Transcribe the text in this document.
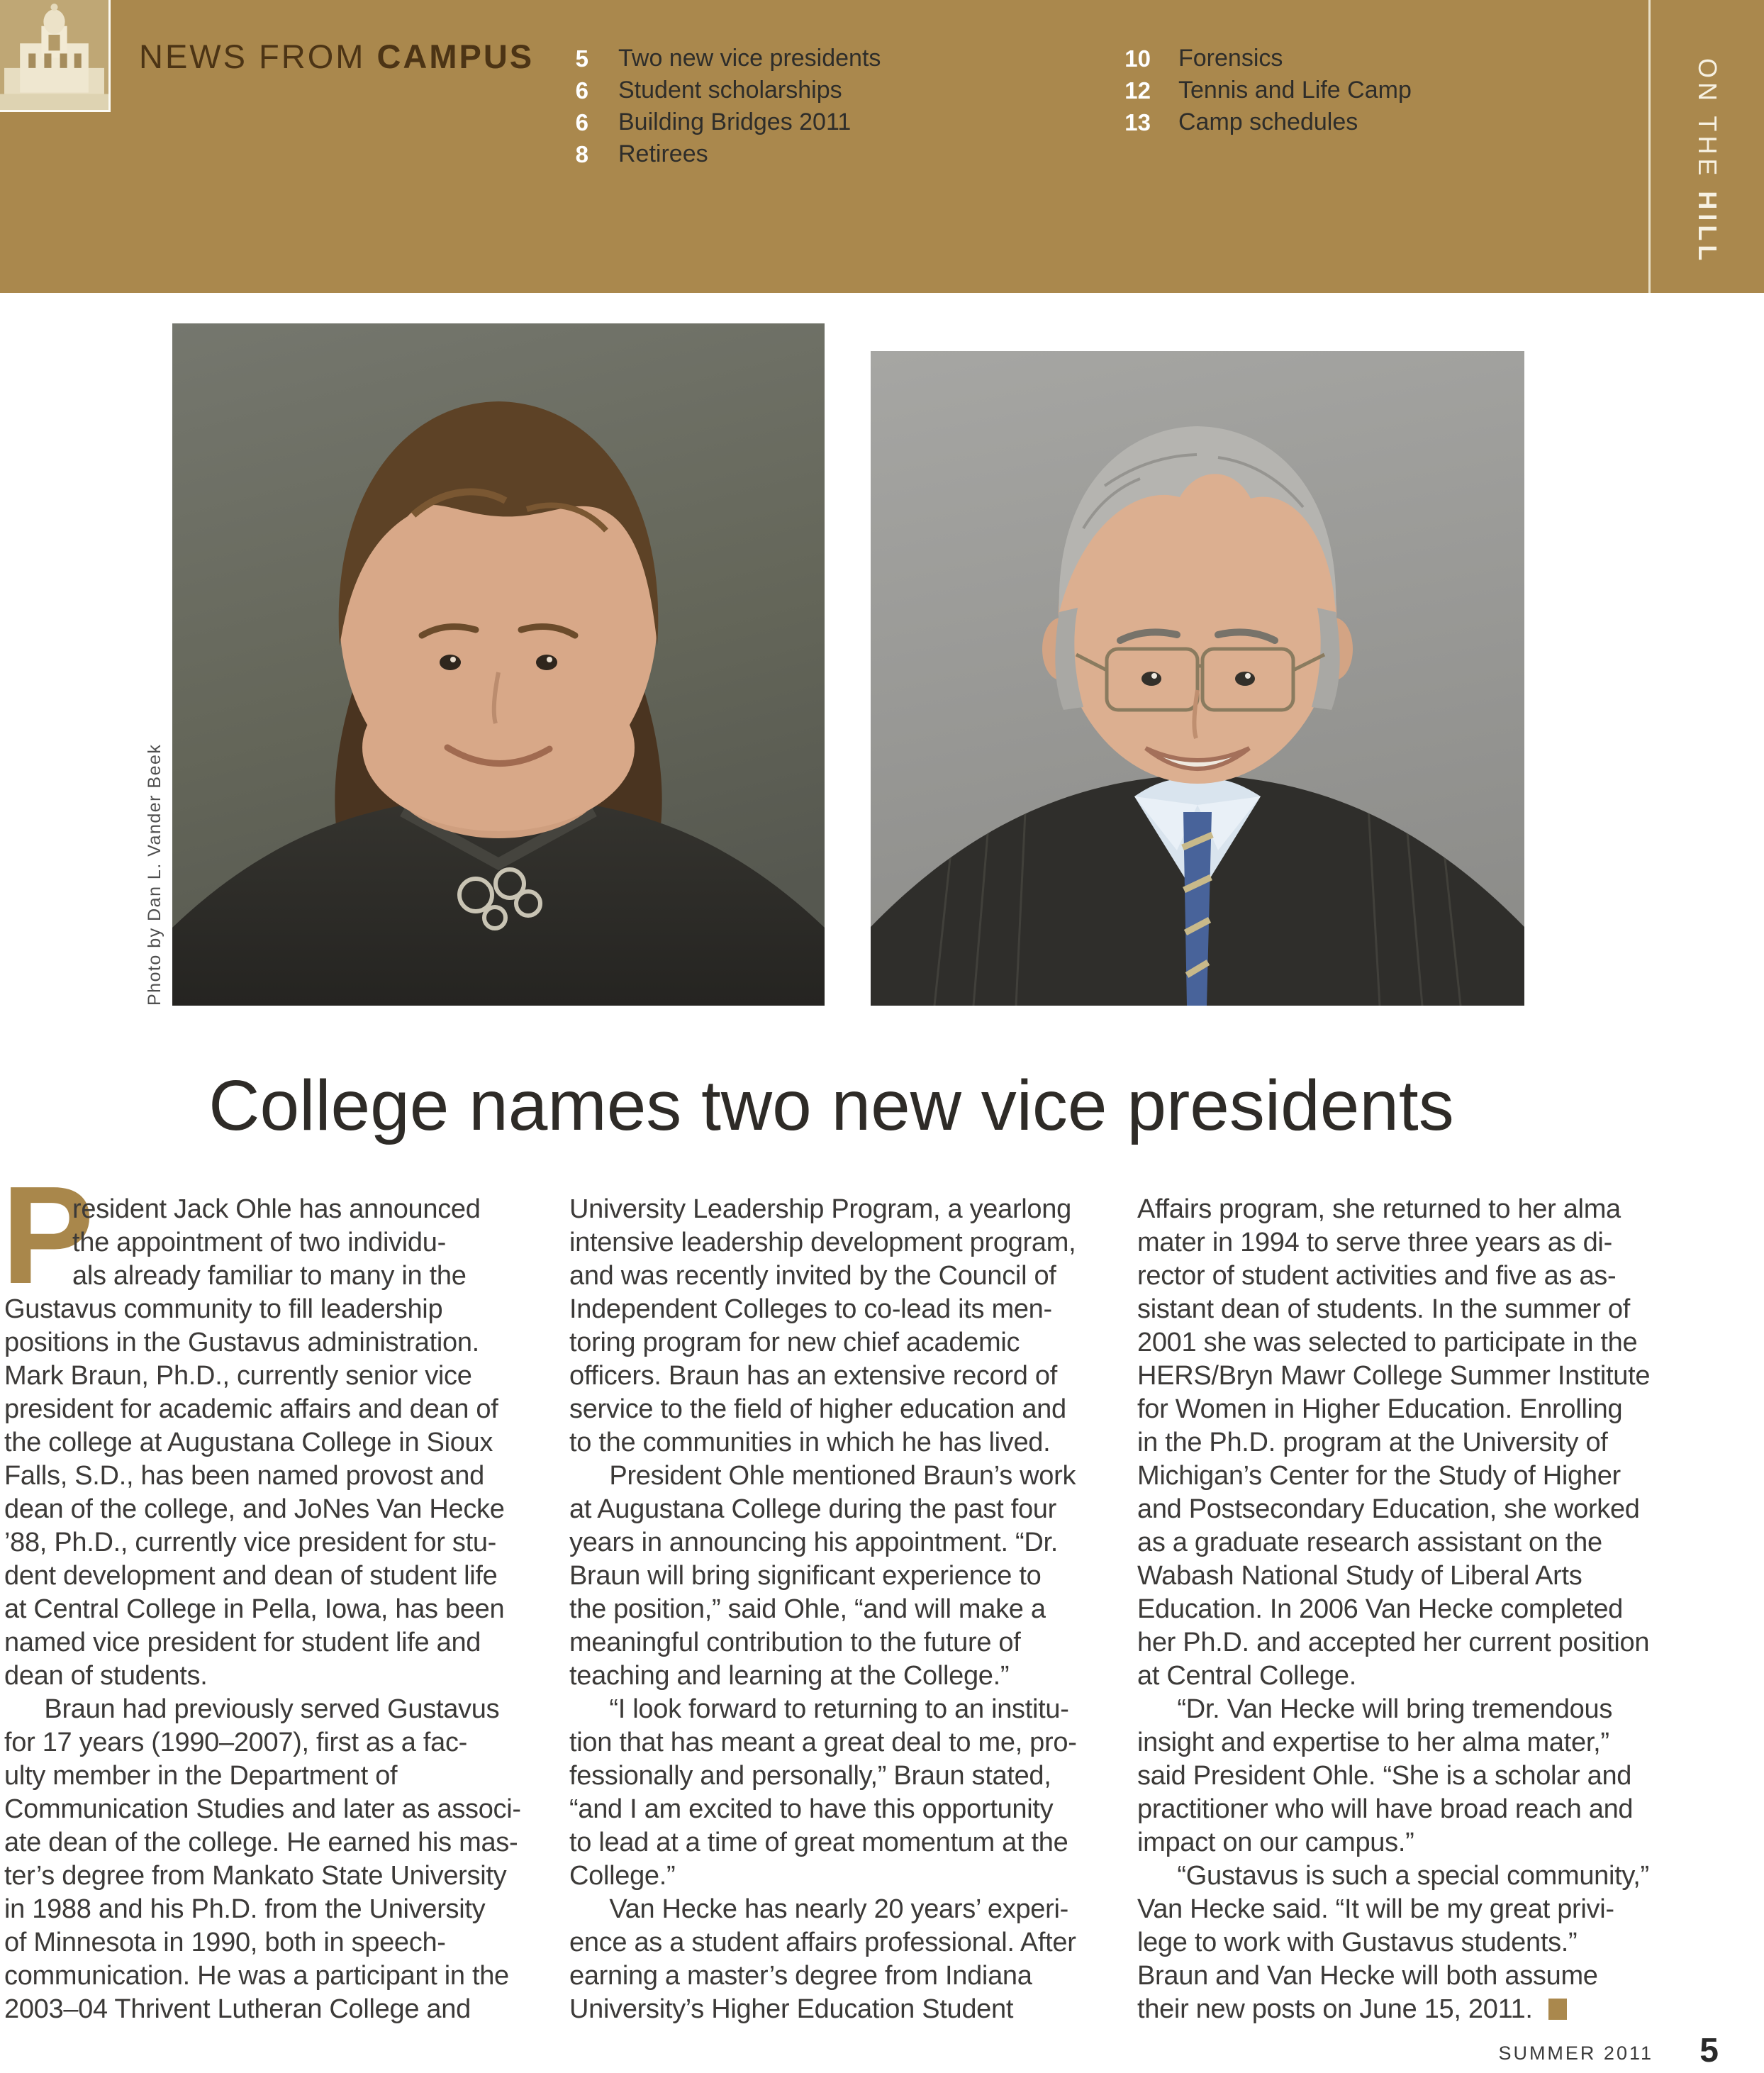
NEWS FROM CAMPUS	5 Two new vice presidents
6 Student scholarships
6 Building Bridges 2011
8 Retirees
10 Forensics
12 Tennis and Life Camp
13 Camp schedules	ON THE HILL
Photo by Dan L. Vander Beek
College names two new vice presidents
P
resident Jack Ohle has announced
the appointment of two individu-
als already familiar to many in the
Gustavus community to fill leadership
positions in the Gustavus administration.
Mark Braun, Ph.D., currently senior vice
president for academic affairs and dean of
the college at Augustana College in Sioux
Falls, S.D., has been named provost and
dean of the college, and JoNes Van Hecke
’88, Ph.D., currently vice president for stu-
dent development and dean of student life
at Central College in Pella, Iowa, has been
named vice president for student life and
dean of students.
  Braun had previously served Gustavus
for 17 years (1990–2007), first as a fac-
ulty member in the Department of
Communication Studies and later as associ-
ate dean of the college. He earned his mas-
ter’s degree from Mankato State University
in 1988 and his Ph.D. from the University
of Minnesota in 1990, both in speech-
communication. He was a participant in the
2003–04 Thrivent Lutheran College and
University Leadership Program, a yearlong
intensive leadership development program,
and was recently invited by the Council of
Independent Colleges to co-lead its men-
toring program for new chief academic
officers. Braun has an extensive record of
service to the field of higher education and
to the communities in which he has lived.
  President Ohle mentioned Braun’s work
at Augustana College during the past four
years in announcing his appointment. “Dr.
Braun will bring significant experience to
the position,” said Ohle, “and will make a
meaningful contribution to the future of
teaching and learning at the College.”
  “I look forward to returning to an institu-
tion that has meant a great deal to me, pro-
fessionally and personally,” Braun stated,
“and I am excited to have this opportunity
to lead at a time of great momentum at the
College.”
  Van Hecke has nearly 20 years’ experi-
ence as a student affairs professional. After
earning a master’s degree from Indiana
University’s Higher Education Student
Affairs program, she returned to her alma
mater in 1994 to serve three years as di-
rector of student activities and five as as-
sistant dean of students. In the summer of
2001 she was selected to participate in the
HERS/Bryn Mawr College Summer Institute
for Women in Higher Education. Enrolling
in the Ph.D. program at the University of
Michigan’s Center for the Study of Higher
and Postsecondary Education, she worked
as a graduate research assistant on the
Wabash National Study of Liberal Arts
Education. In 2006 Van Hecke completed
her Ph.D. and accepted her current position
at Central College.
  “Dr. Van Hecke will bring tremendous
insight and expertise to her alma mater,”
said President Ohle. “She is a scholar and
practitioner who will have broad reach and
impact on our campus.”
  “Gustavus is such a special community,”
Van Hecke said. “It will be my great privi-
lege to work with Gustavus students.”
Braun and Van Hecke will both assume
their new posts on June 15, 2011.
SUMMER 2011 5
